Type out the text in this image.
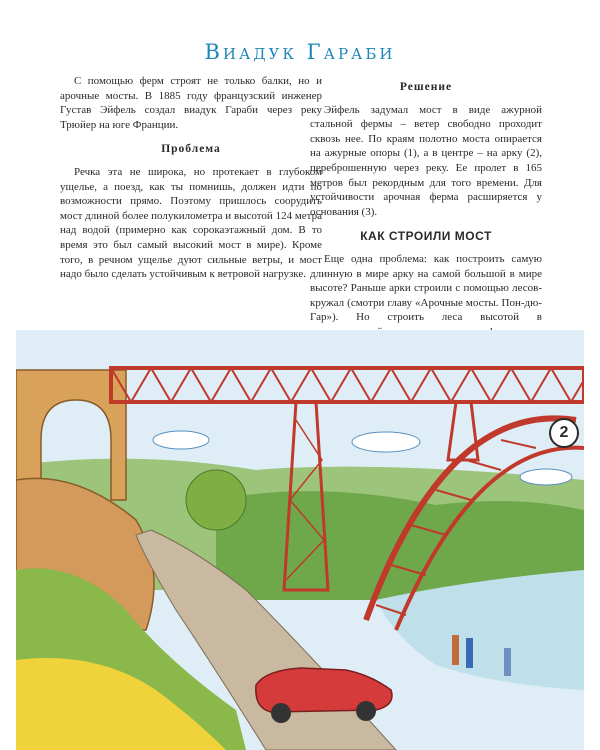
Виадук Гараби

С помощью ферм строят не только балки, но и арочные мосты. В 1885 году французский инженер Густав Эйфель создал виадук Гараби через реку Трюйер на юге Франции.

Проблема

Речка эта не широка, но протекает в глубоком ущелье, а поезд, как ты помнишь, должен идти по возможности прямо. Поэтому пришлось соорудить мост длиной более полукилометра и высотой 124 метра над водой (примерно как сорокаэтажный дом. В то время это был самый высокий мост в мире). Кроме того, в речном ущелье дуют сильные ветры, и мост надо было сделать устойчивым к ветровой нагрузке.

Решение

Эйфель задумал мост в виде ажурной стальной фермы – ветер свободно проходит сквозь нее. По краям полотно моста опирается на ажурные опоры (1), а в центре – на арку (2), переброшенную через реку. Ее пролет в 165 метров был рекордным для того времени. Для устойчивости арочная ферма расширяется у основания (3).

КАК СТРОИЛИ МОСТ

Еще одна проблема: как построить самую длинную в мире арку на самой большой в мире высоте? Раньше арки строили с помощью лесов-кружал (смотри главу «Арочные мосты. Пон-дю-Гар»). Но строить леса высотой в

2
